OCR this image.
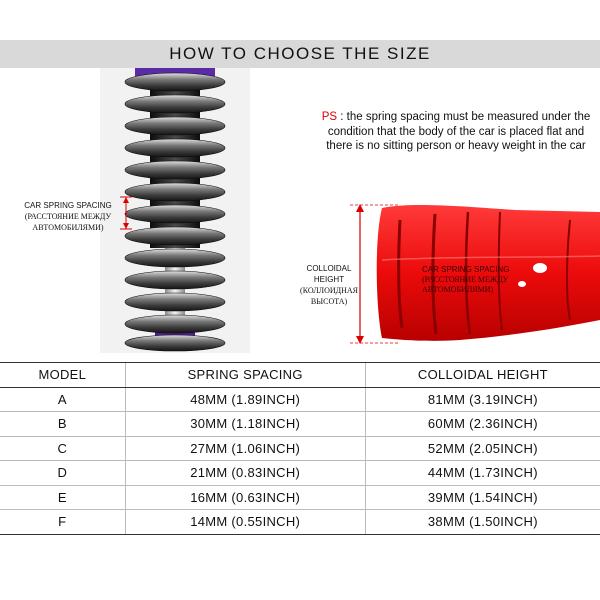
HOW TO CHOOSE THE SIZE
CAR SPRING SPACING
(РАССТОЯНИЕ МЕЖДУ
АВТОМОБИЛЯМИ)
PS : the spring spacing must be measured under the condition that the body of the car is placed flat and there is no sitting person or heavy weight in the car
COLLOIDAL
HEIGHT
(КОЛЛОИДНАЯ
ВЫСОТА)
CAR SPRING SPACING
(РАССТОЯНИЕ МЕЖДУ
АВТОМОБИЛЯМИ)
MODEL	SPRING SPACING	COLLOIDAL HEIGHT
A	48MM (1.89INCH)	81MM (3.19INCH)
B	30MM (1.18INCH)	60MM (2.36INCH)
C	27MM (1.06INCH)	52MM (2.05INCH)
D	21MM (0.83INCH)	44MM (1.73INCH)
E	16MM (0.63INCH)	39MM (1.54INCH)
F	14MM (0.55INCH)	38MM (1.50INCH)
